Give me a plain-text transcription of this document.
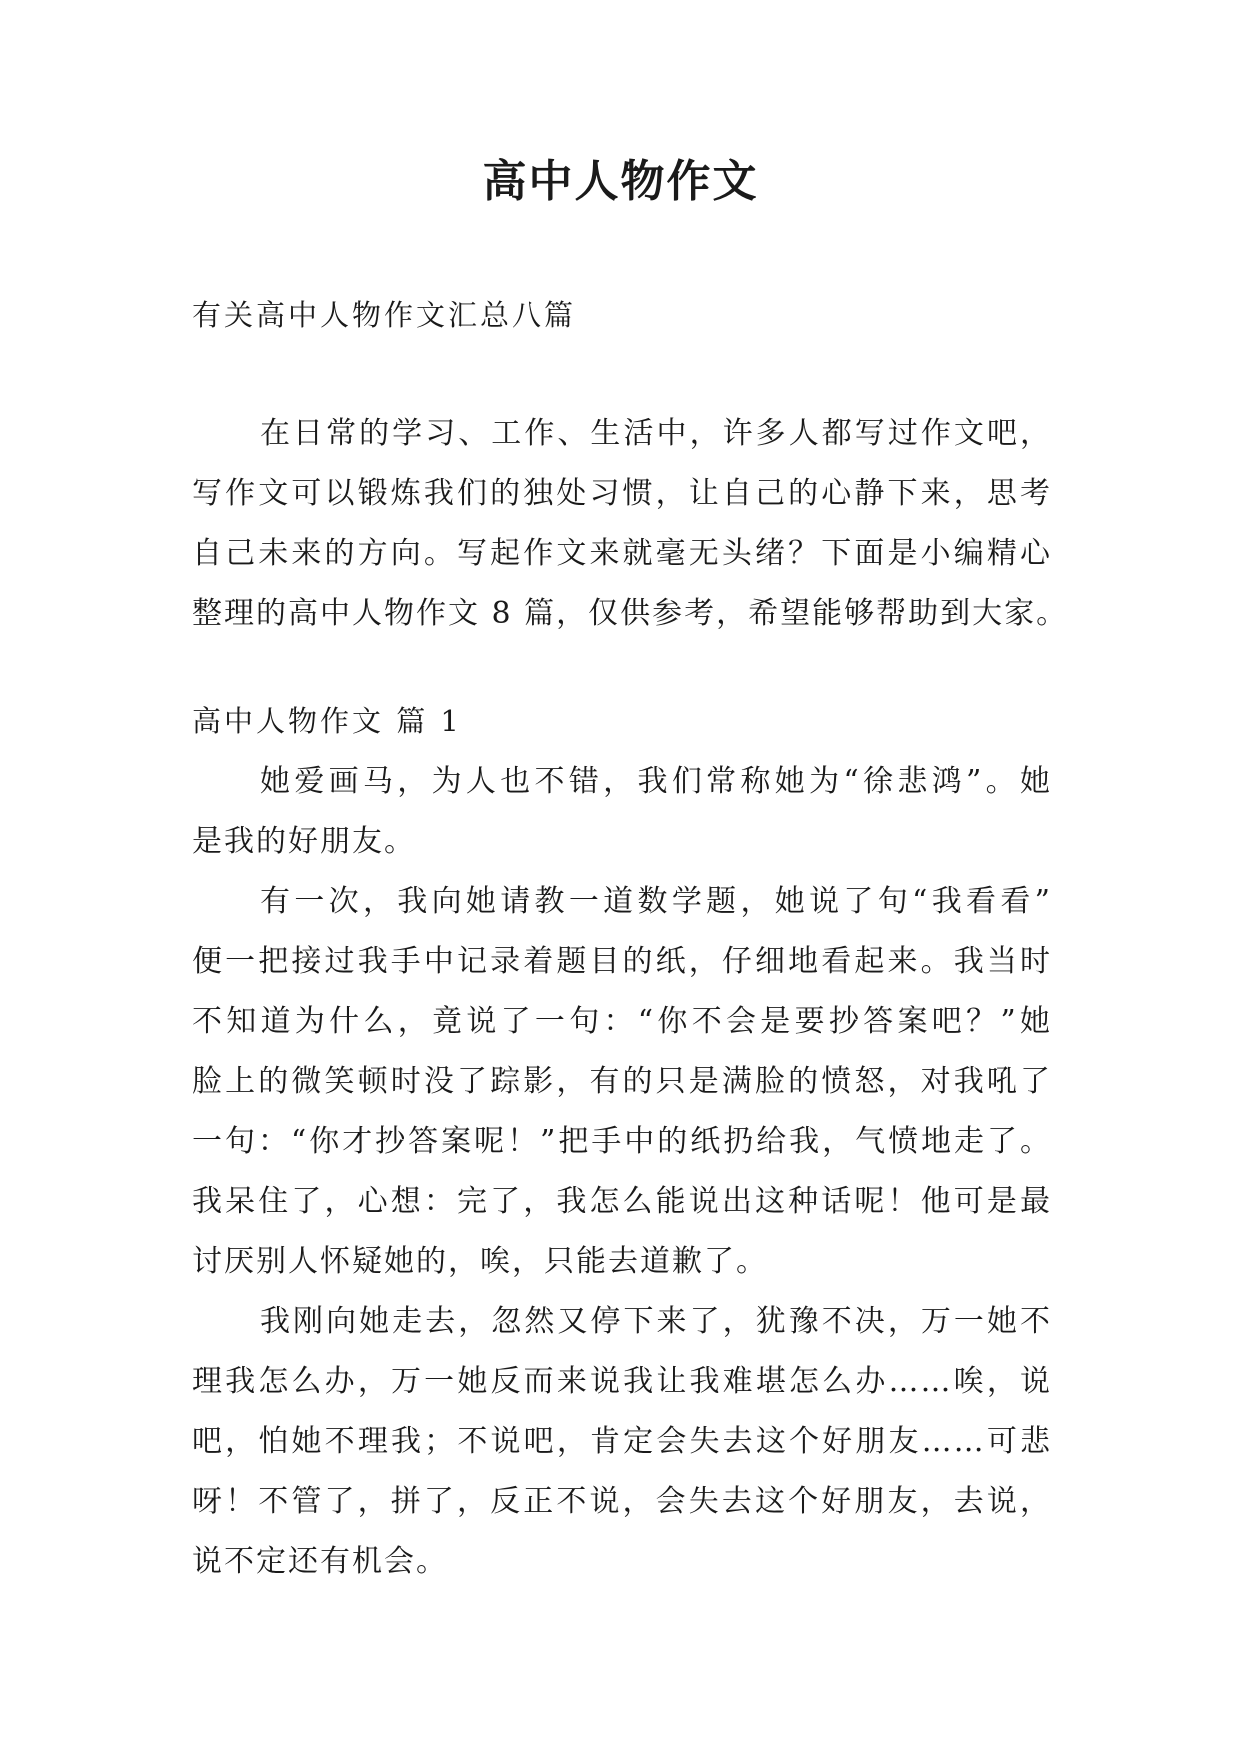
高中人物作文

有关高中人物作文汇总八篇

在日常的学习、工作、生活中，许多人都写过作文吧，
写作文可以锻炼我们的独处习惯，让自己的心静下来，思考
自己未来的方向。写起作文来就毫无头绪？下面是小编精心
整理的高中人物作文 8 篇，仅供参考，希望能够帮助到大家。

高中人物作文 篇 1

她爱画马，为人也不错，我们常称她为“徐悲鸿”。她
是我的好朋友。
有一次，我向她请教一道数学题，她说了句“我看看”
便一把接过我手中记录着题目的纸，仔细地看起来。我当时
不知道为什么，竟说了一句：“你不会是要抄答案吧？”她
脸上的微笑顿时没了踪影，有的只是满脸的愤怒，对我吼了
一句：“你才抄答案呢！”把手中的纸扔给我，气愤地走了。
我呆住了，心想：完了，我怎么能说出这种话呢！他可是最
讨厌别人怀疑她的，唉，只能去道歉了。
我刚向她走去，忽然又停下来了，犹豫不决，万一她不
理我怎么办，万一她反而来说我让我难堪怎么办……唉，说
吧，怕她不理我；不说吧，肯定会失去这个好朋友……可悲
呀！不管了，拼了，反正不说，会失去这个好朋友，去说，
说不定还有机会。
